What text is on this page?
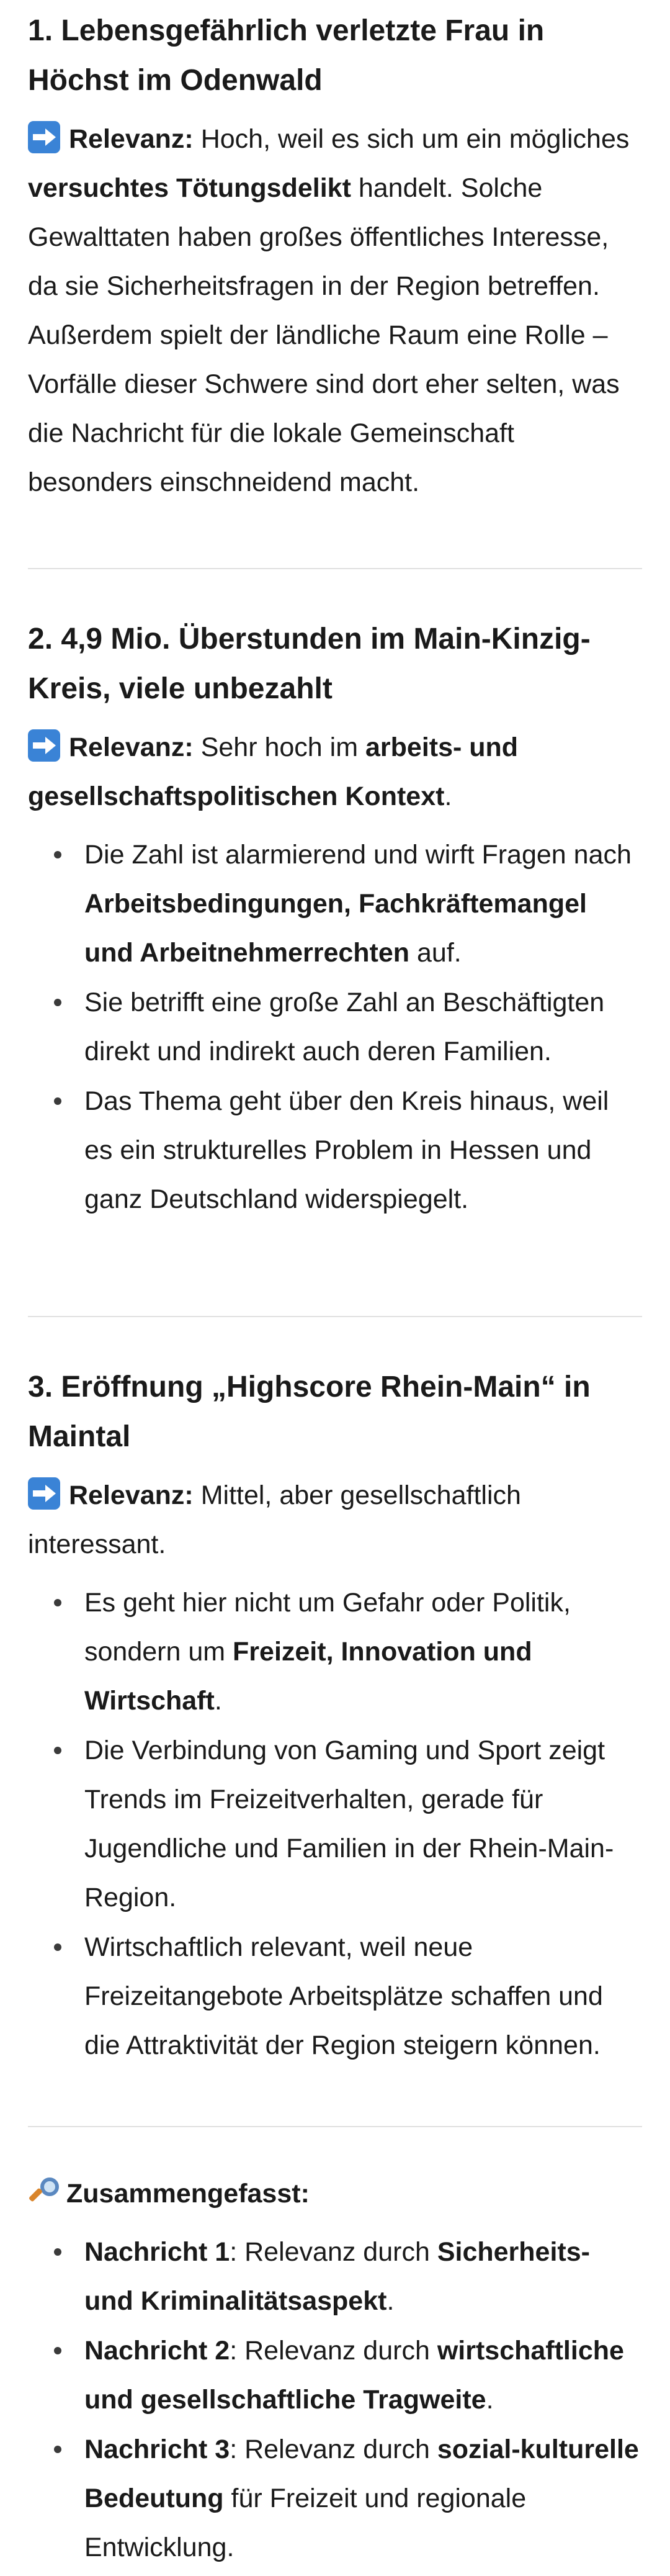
1. Lebensgefährlich verletzte Frau in Höchst im Odenwald

Relevanz: Hoch, weil es sich um ein mögliches versuchtes Tötungsdelikt handelt. Solche Gewalttaten haben großes öffentliches Interesse, da sie Sicherheitsfragen in der Region betreffen. Außerdem spielt der ländliche Raum eine Rolle – Vorfälle dieser Schwere sind dort eher selten, was die Nachricht für die lokale Gemeinschaft besonders einschneidend macht.

2. 4,9 Mio. Überstunden im Main-Kinzig-Kreis, viele unbezahlt

Relevanz: Sehr hoch im arbeits- und gesellschaftspolitischen Kontext.

Die Zahl ist alarmierend und wirft Fragen nach Arbeitsbedingungen, Fachkräftemangel und Arbeitnehmerrechten auf.
Sie betrifft eine große Zahl an Beschäftigten direkt und indirekt auch deren Familien.
Das Thema geht über den Kreis hinaus, weil es ein strukturelles Problem in Hessen und ganz Deutschland widerspiegelt.
3. Eröffnung „Highscore Rhein-Main“ in Maintal

Relevanz: Mittel, aber gesellschaftlich interessant.

Es geht hier nicht um Gefahr oder Politik, sondern um Freizeit, Innovation und Wirtschaft.
Die Verbindung von Gaming und Sport zeigt Trends im Freizeitverhalten, gerade für Jugendliche und Familien in der Rhein-Main-Region.
Wirtschaftlich relevant, weil neue Freizeitangebote Arbeitsplätze schaffen und die Attraktivität der Region steigern können.

Zusammengefasst:

Nachricht 1: Relevanz durch Sicherheits- und Kriminalitätsaspekt.
Nachricht 2: Relevanz durch wirtschaftliche und gesellschaftliche Tragweite.
Nachricht 3: Relevanz durch sozial-kulturelle Bedeutung für Freizeit und regionale Entwicklung.
